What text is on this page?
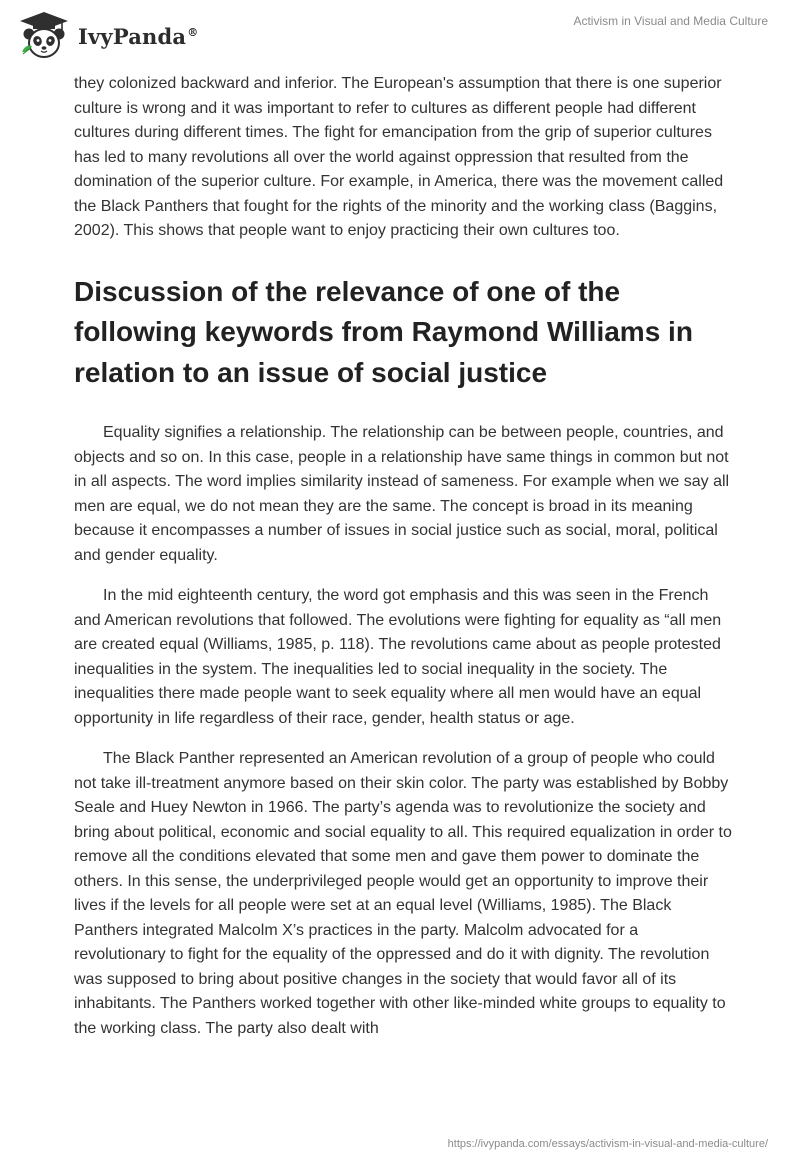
IvyPanda®
Activism in Visual and Media Culture

they colonized backward and inferior. The European's assumption that there is one superior culture is wrong and it was important to refer to cultures as different people had different cultures during different times. The fight for emancipation from the grip of superior cultures has led to many revolutions all over the world against oppression that resulted from the domination of the superior culture. For example, in America, there was the movement called the Black Panthers that fought for the rights of the minority and the working class (Baggins, 2002). This shows that people want to enjoy practicing their own cultures too.

Discussion of the relevance of one of the following keywords from Raymond Williams in relation to an issue of social justice

Equality signifies a relationship. The relationship can be between people, countries, and objects and so on. In this case, people in a relationship have same things in common but not in all aspects. The word implies similarity instead of sameness. For example when we say all men are equal, we do not mean they are the same. The concept is broad in its meaning because it encompasses a number of issues in social justice such as social, moral, political and gender equality.

In the mid eighteenth century, the word got emphasis and this was seen in the French and American revolutions that followed. The evolutions were fighting for equality as “all men are created equal (Williams, 1985, p. 118). The revolutions came about as people protested inequalities in the system. The inequalities led to social inequality in the society. The inequalities there made people want to seek equality where all men would have an equal opportunity in life regardless of their race, gender, health status or age.

The Black Panther represented an American revolution of a group of people who could not take ill-treatment anymore based on their skin color. The party was established by Bobby Seale and Huey Newton in 1966. The party’s agenda was to revolutionize the society and bring about political, economic and social equality to all. This required equalization in order to remove all the conditions elevated that some men and gave them power to dominate the others. In this sense, the underprivileged people would get an opportunity to improve their lives if the levels for all people were set at an equal level (Williams, 1985). The Black Panthers integrated Malcolm X’s practices in the party. Malcolm advocated for a revolutionary to fight for the equality of the oppressed and do it with dignity. The revolution was supposed to bring about positive changes in the society that would favor all of its inhabitants. The Panthers worked together with other like-minded white groups to equality to the working class. The party also dealt with

https://ivypanda.com/essays/activism-in-visual-and-media-culture/
